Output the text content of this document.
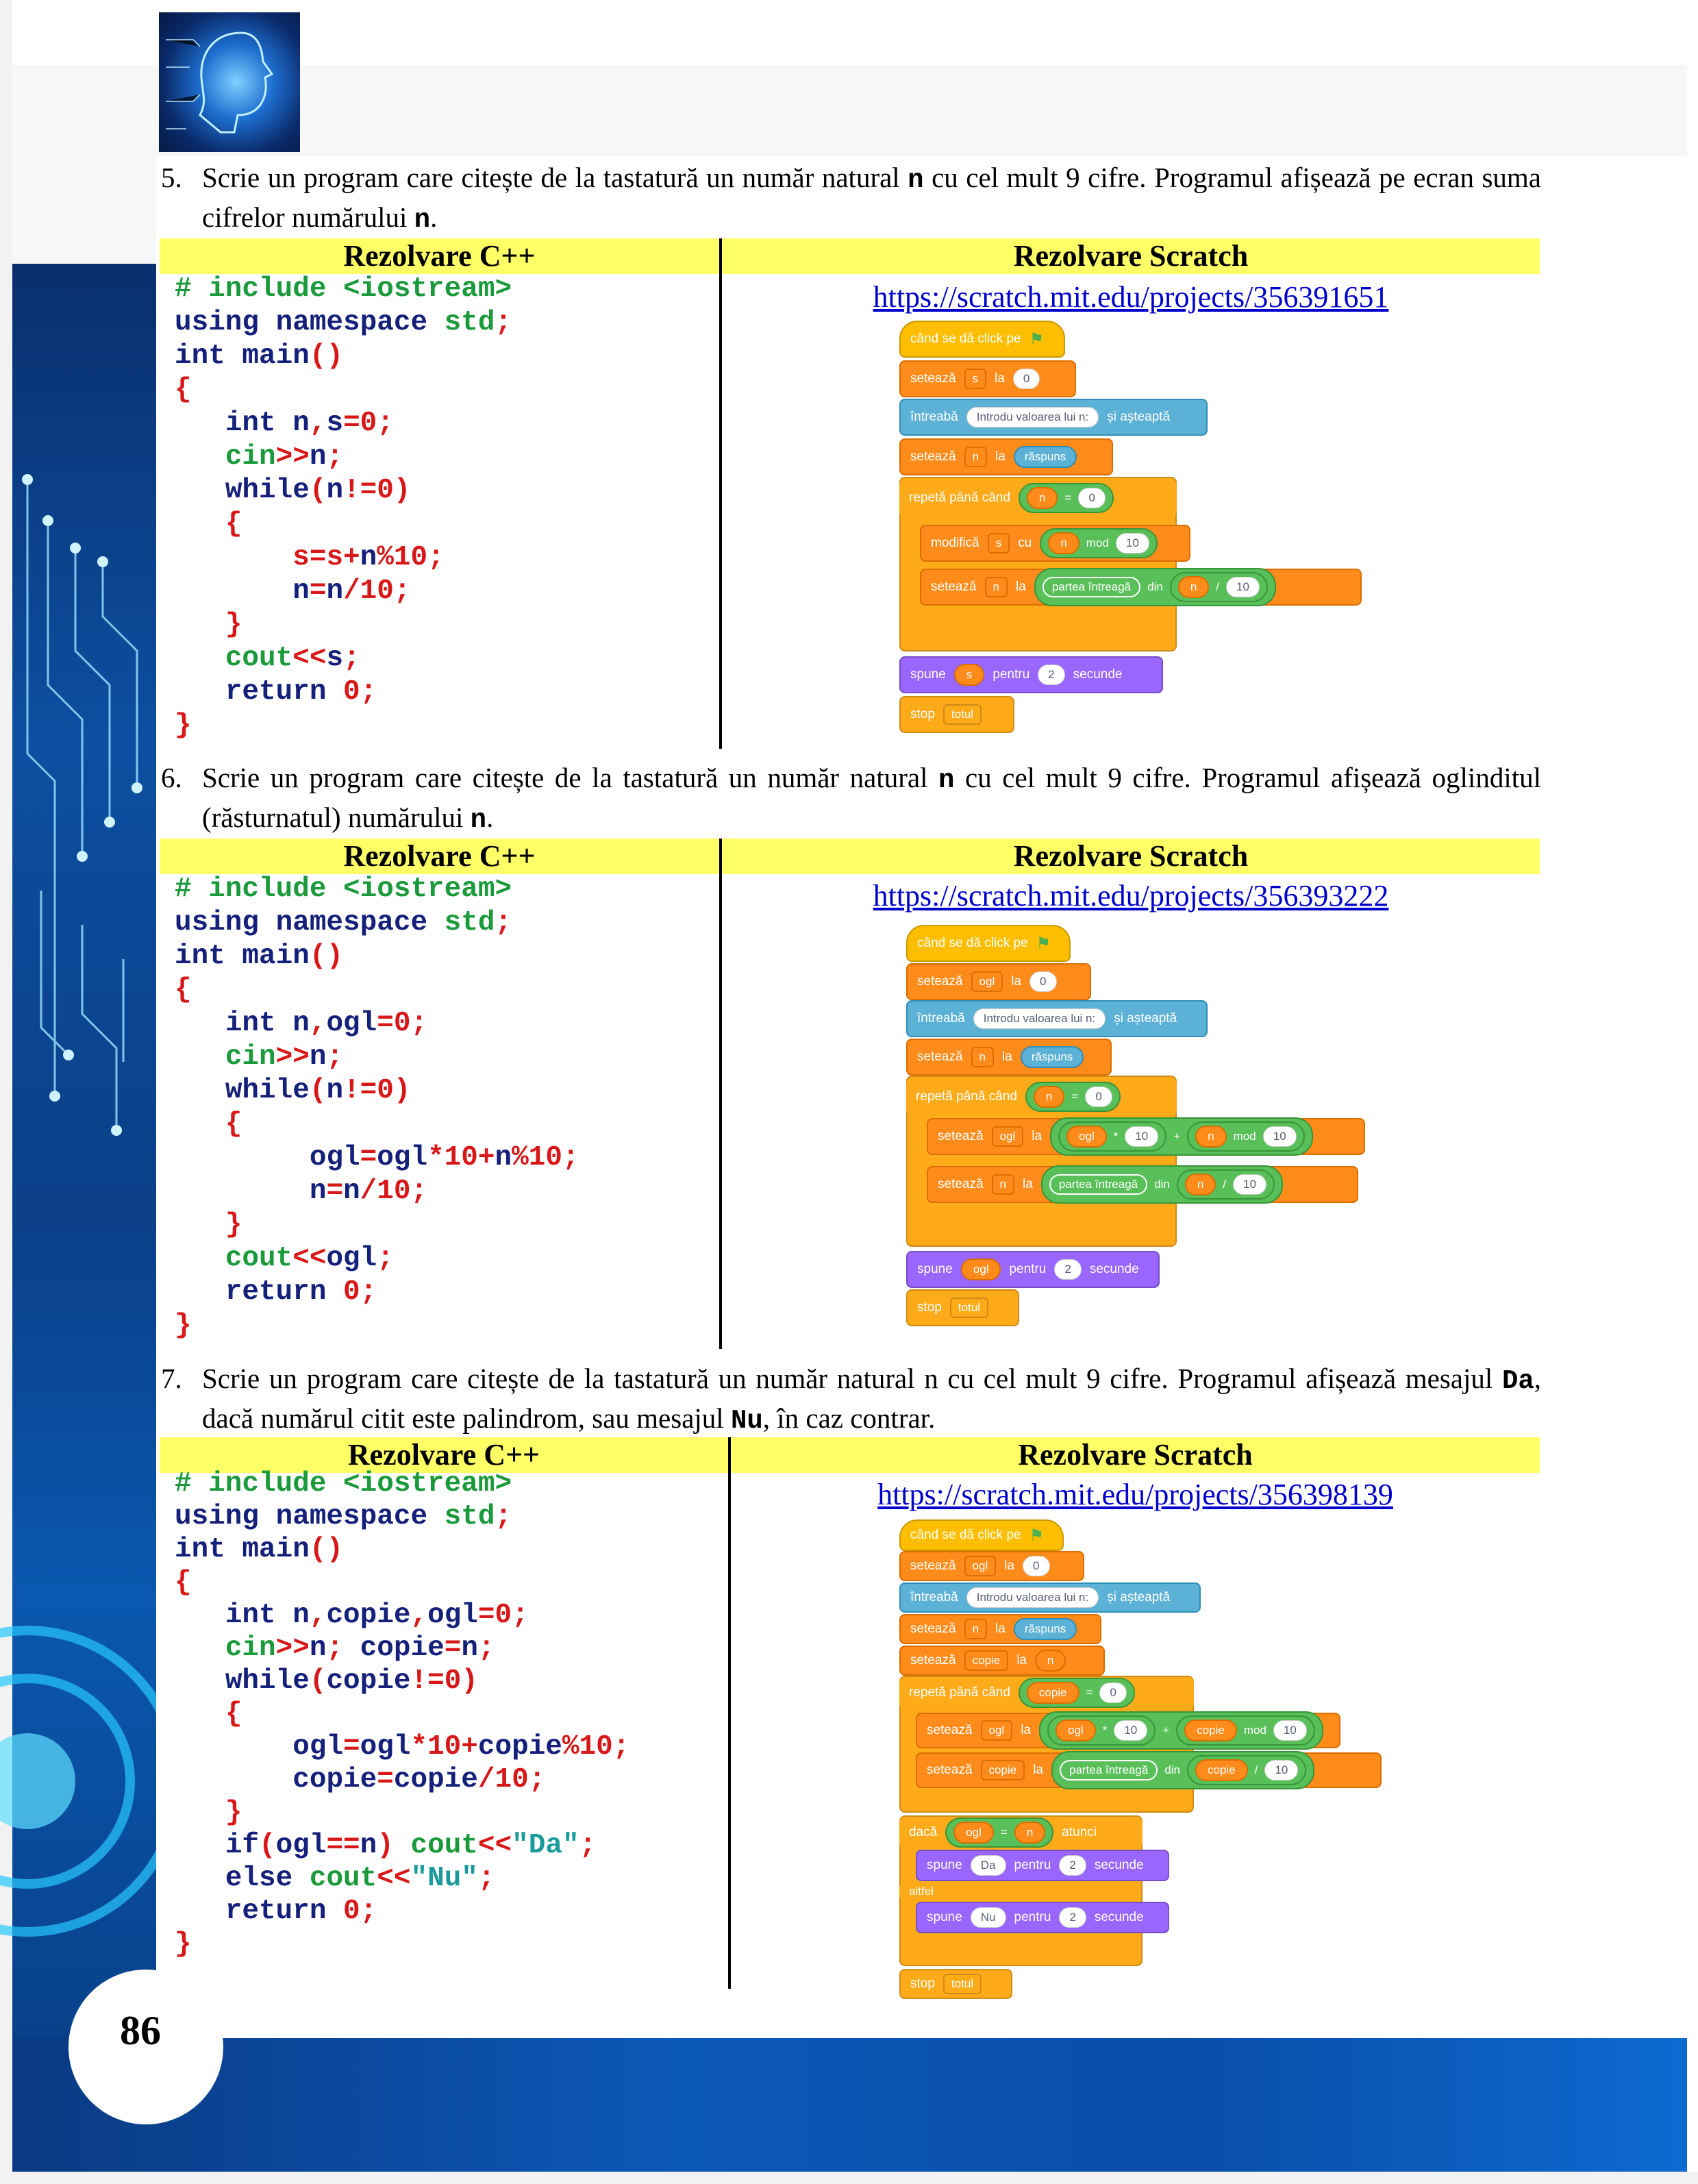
86
5. Scrie un program care citește de la tastatură un număr natural n cu cel mult 9 cifre. Programul afișează pe ecran suma cifrelor numărului n.
Rezolvare C++	Rezolvare Scratch
# include <iostream>
using namespace std;
int main()
{
int n,s=0;
cin>>n;
while(n!=0)
{
s=s+n%10;
n=n/10;
}
cout<<s;
return 0;
}
https://scratch.mit.edu/projects/356391651
când se dă click pe ⚑
setează	s	la	0
întreabă	Introdu valoarea lui n:	și așteaptă
setează	n	la	răspuns
repetă până când	n	=	0
modifică	s	cu	n	mod	10
setează	n	la	partea întreagă	din	n	/	10
spune	s	pentru	2	secunde
stop	totul
6. Scrie un program care citește de la tastatură un număr natural n cu cel mult 9 cifre. Programul afișează oglinditul (răsturnatul) numărului n.
Rezolvare C++	Rezolvare Scratch
# include <iostream>
using namespace std;
int main()
{
int n,ogl=0;
cin>>n;
while(n!=0)
{
ogl=ogl*10+n%10;
n=n/10;
}
cout<<ogl;
return 0;
}
https://scratch.mit.edu/projects/356393222
când se dă click pe ⚑
setează	ogl	la	0
întreabă	Introdu valoarea lui n:	și așteaptă
setează	n	la	răspuns
repetă până când	n	=	0
setează	ogl	la	ogl	*	10	+	n	mod	10
setează	n	la	partea întreagă	din	n	/	10
spune	ogl	pentru	2	secunde
stop	totul
7. Scrie un program care citește de la tastatură un număr natural n cu cel mult 9 cifre. Programul afișează mesajul Da, dacă numărul citit este palindrom, sau mesajul Nu, în caz contrar.
Rezolvare C++	Rezolvare Scratch
# include <iostream>
using namespace std;
int main()
{
int n,copie,ogl=0;
cin>>n; copie=n;
while(copie!=0)
{
ogl=ogl*10+copie%10;
copie=copie/10;
}
if(ogl==n) cout<<"Da";
else cout<<"Nu";
return 0;
}
https://scratch.mit.edu/projects/356398139
când se dă click pe ⚑
setează	ogl	la	0
întreabă	Introdu valoarea lui n:	și așteaptă
setează	n	la	răspuns
setează	copie	la	n
repetă până când	copie	=	0
setează	ogl	la	ogl	*	10	+	copie	mod	10
setează	copie	la	partea întreagă	din	copie	/	10
dacă	ogl	=	n	atunci
spune	Da	pentru	2	secunde
altfel
spune	Nu	pentru	2	secunde
stop	totul
